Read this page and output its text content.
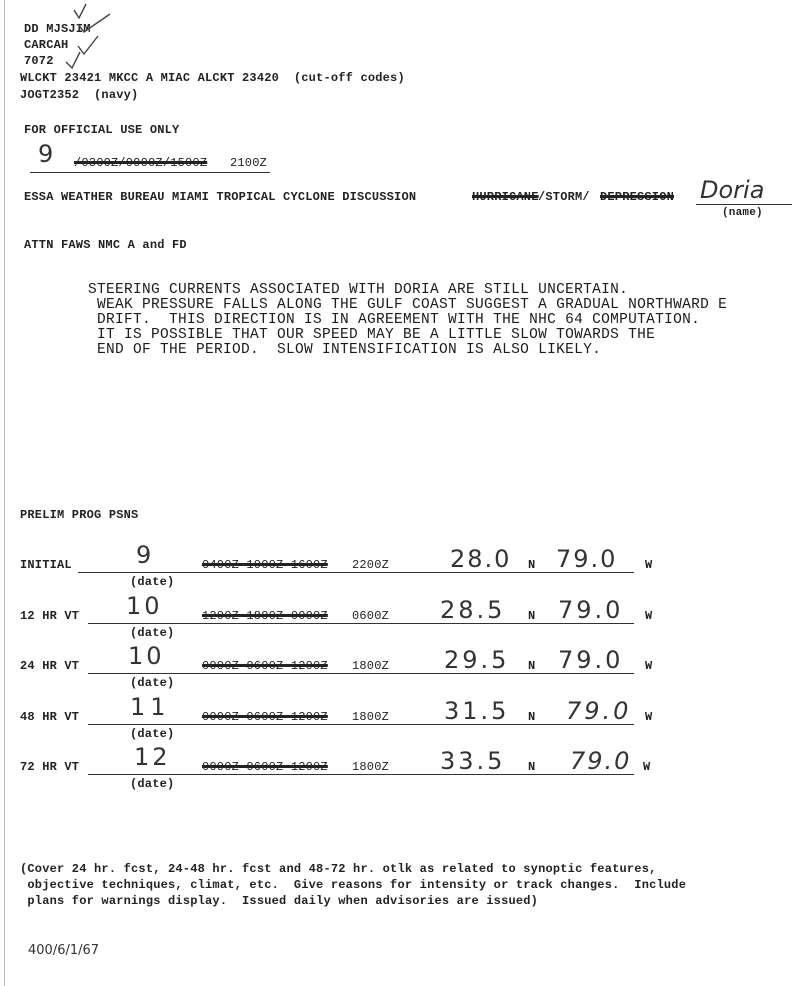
DD MJSJIM
CARCAH
7072
WLCKT 23421 MKCC A MIAC ALCKT 23420  (cut-off codes)
JOGT2352  (navy)
FOR OFFICIAL USE ONLY
9 /0300Z/0900Z/1500Z 2100Z
ESSA WEATHER BUREAU MIAMI TROPICAL CYCLONE DISCUSSION	HURRICANE /STORM/ DEPRESSION Doria
(name)
ATTN FAWS NMC A and FD
STEERING CURRENTS ASSOCIATED WITH DORIA ARE STILL UNCERTAIN.
WEAK PRESSURE FALLS ALONG THE GULF COAST SUGGEST A GRADUAL NORTHWARD E
DRIFT.  THIS DIRECTION IS IN AGREEMENT WITH THE NHC 64 COMPUTATION.
IT IS POSSIBLE THAT OUR SPEED MAY BE A LITTLE SLOW TOWARDS THE
END OF THE PERIOD.  SLOW INTENSIFICATION IS ALSO LIKELY.
PRELIM PROG PSNS
INITIAL	9	0400Z 1000Z 1600Z 2200Z	28.0 N 79.0 W
(date)
12 HR VT 10	1200Z 1800Z 0000Z 0600Z 28.5 N 79.0 W
(date)
24 HR VT 10	0000Z 0600Z 1200Z 1800Z 29.5 N 79.0 W
(date)
48 HR VT 11	0000Z 0600Z 1200Z 1800Z 31.5 N 79.0 W
(date)
72 HR VT 12	0000Z 0600Z 1200Z 1800Z 33.5 N 79.0 W
(date)
(Cover 24 hr. fcst, 24-48 hr. fcst and 48-72 hr. otlk as related to synoptic features,
objective techniques, climat, etc.  Give reasons for intensity or track changes.  Include
plans for warnings display.  Issued daily when advisories are issued)
400/6/1/67
